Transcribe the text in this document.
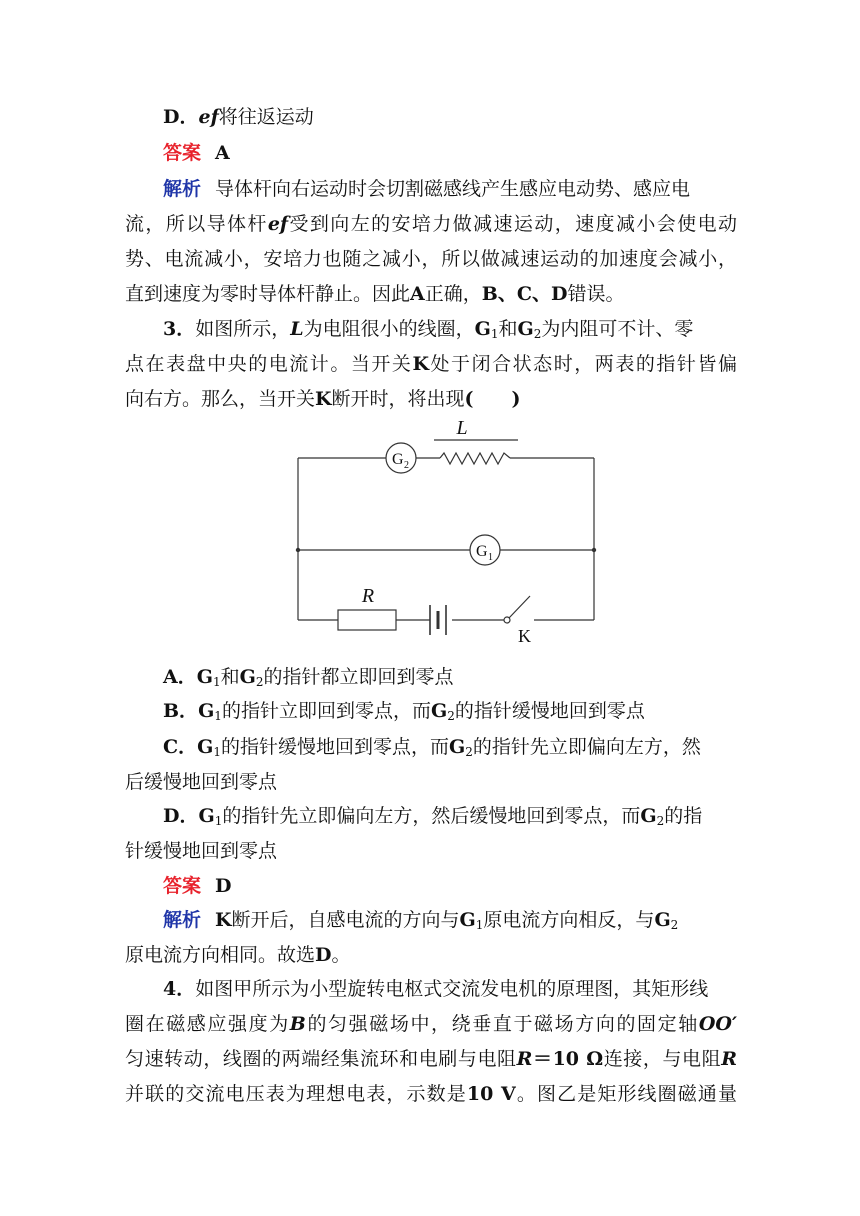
D．ef将往返运动
答案 A
解析 导体杆向右运动时会切割磁感线产生感应电动势、感应电
流，所以导体杆ef受到向左的安培力做减速运动，速度减小会使电动
势、电流减小，安培力也随之减小，所以做减速运动的加速度会减小，
直到速度为零时导体杆静止。因此A正确，B、C、D错误。
3．如图所示，L为电阻很小的线圈，$G_1$和$G_2$为内阻可不计、零
点在表盘中央的电流计。当开关K处于闭合状态时，两表的指针皆偏
向右方。那么，当开关K断开时，将出现(　　)
L
R
K
G 2
G 1
A．$G_1$和$G_2$的指针都立即回到零点
B．$G_1$的指针立即回到零点，而$G_2$的指针缓慢地回到零点
C．$G_1$的指针缓慢地回到零点，而$G_2$的指针先立即偏向左方，然
后缓慢地回到零点
D．$G_1$的指针先立即偏向左方，然后缓慢地回到零点，而$G_2$的指
针缓慢地回到零点
答案 D
解析 K断开后，自感电流的方向与$G_1$原电流方向相反，与$G_2$
原电流方向相同。故选D。
4．如图甲所示为小型旋转电枢式交流发电机的原理图，其矩形线
圈在磁感应强度为B的匀强磁场中，绕垂直于磁场方向的固定轴OO′
匀速转动，线圈的两端经集流环和电刷与电阻R＝10 Ω连接，与电阻R
并联的交流电压表为理想电表，示数是10 V。图乙是矩形线圈磁通量
